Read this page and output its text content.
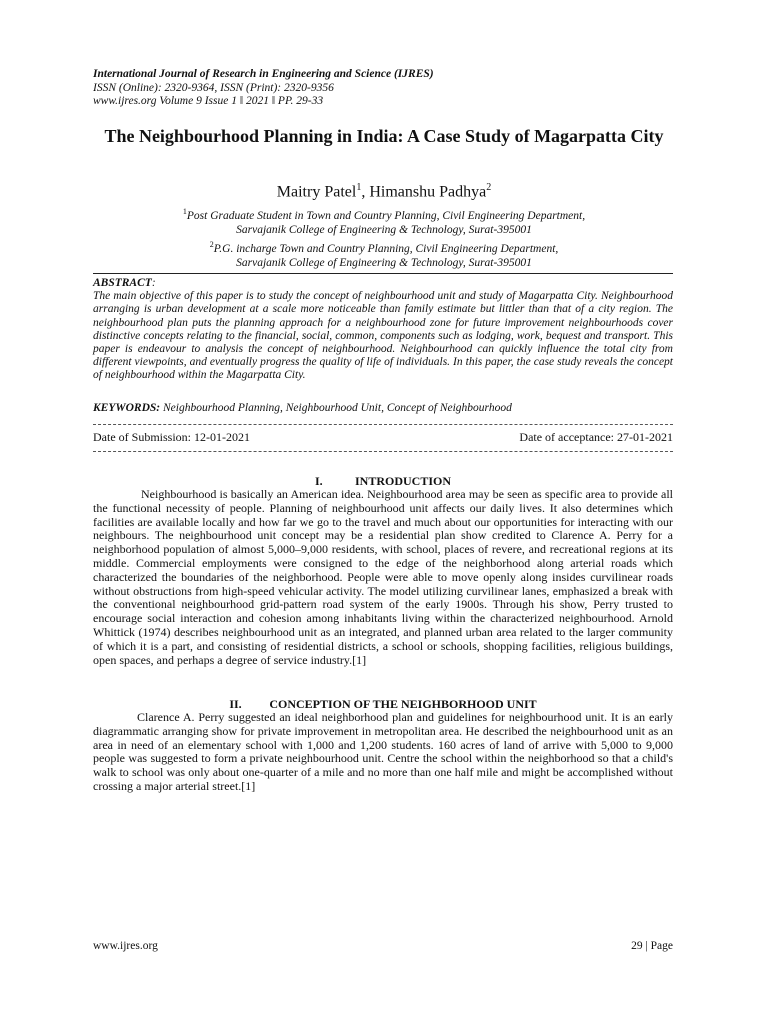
International Journal of Research in Engineering and Science (IJRES)
ISSN (Online): 2320-9364, ISSN (Print): 2320-9356
www.ijres.org Volume 9 Issue 1 ǁ 2021 ǁ PP. 29-33
The Neighbourhood Planning in India: A Case Study of Magarpatta City
Maitry Patel$^1$, Himanshu Padhya$^2$
$^1$Post Graduate Student in Town and Country Planning, Civil Engineering Department,
Sarvajanik College of Engineering & Technology, Surat-395001
$^2$P.G. incharge Town and Country Planning, Civil Engineering Department,
Sarvajanik College of Engineering & Technology, Surat-395001
ABSTRACT:
The main objective of this paper is to study the concept of neighbourhood unit and study of Magarpatta City. Neighbourhood arranging is urban development at a scale more noticeable than family estimate but littler than that of a city region. The neighbourhood plan puts the planning approach for a neighbourhood zone for future improvement neighbourhoods cover distinctive concepts relating to the financial, social, common, components such as lodging, work, bequest and transport. This paper is endeavour to analysis the concept of neighbourhood. Neighbourhood can quickly influence the total city from different viewpoints, and eventually progress the quality of life of individuals. In this paper, the case study reveals the concept of neighbourhood within the Magarpatta City.
KEYWORDS: Neighbourhood Planning, Neighbourhood Unit, Concept of Neighbourhood
Date of Submission: 12-01-2021	Date of acceptance: 27-01-2021
I.	INTRODUCTION
Neighbourhood is basically an American idea. Neighbourhood area may be seen as specific area to provide all the functional necessity of people. Planning of neighbourhood unit affects our daily lives. It also determines which facilities are available locally and how far we go to the travel and much about our opportunities for interacting with our neighbours. The neighbourhood unit concept may be a residential plan show credited to Clarence A. Perry for a neighborhood population of almost 5,000–9,000 residents, with school, places of revere, and recreational regions at its middle. Commercial employments were consigned to the edge of the neighborhood along arterial roads which characterized the boundaries of the neighborhood. People were able to move openly along insides curvilinear roads without obstructions from high-speed vehicular activity. The model utilizing curvilinear lanes, emphasized a break with the conventional neighbourhood grid-pattern road system of the early 1900s. Through his show, Perry trusted to encourage social interaction and cohesion among inhabitants living within the characterized neighbourhood. Arnold Whittick (1974) describes neighbourhood unit as an integrated, and planned urban area related to the larger community of which it is a part, and consisting of residential districts, a school or schools, shopping facilities, religious buildings, open spaces, and perhaps a degree of service industry.[1]
II. CONCEPTION OF THE NEIGHBORHOOD UNIT
Clarence A. Perry suggested an ideal neighborhood plan and guidelines for neighbourhood unit. It is an early diagrammatic arranging show for private improvement in metropolitan area. He described the neighbourhood unit as an area in need of an elementary school with 1,000 and 1,200 students. 160 acres of land of arrive with 5,000 to 9,000 people was suggested to form a private neighbourhood unit. Centre the school within the neighborhood so that a child's walk to school was only about one-quarter of a mile and no more than one half mile and might be accomplished without crossing a major arterial street.[1]
www.ijres.org	29 | Page
